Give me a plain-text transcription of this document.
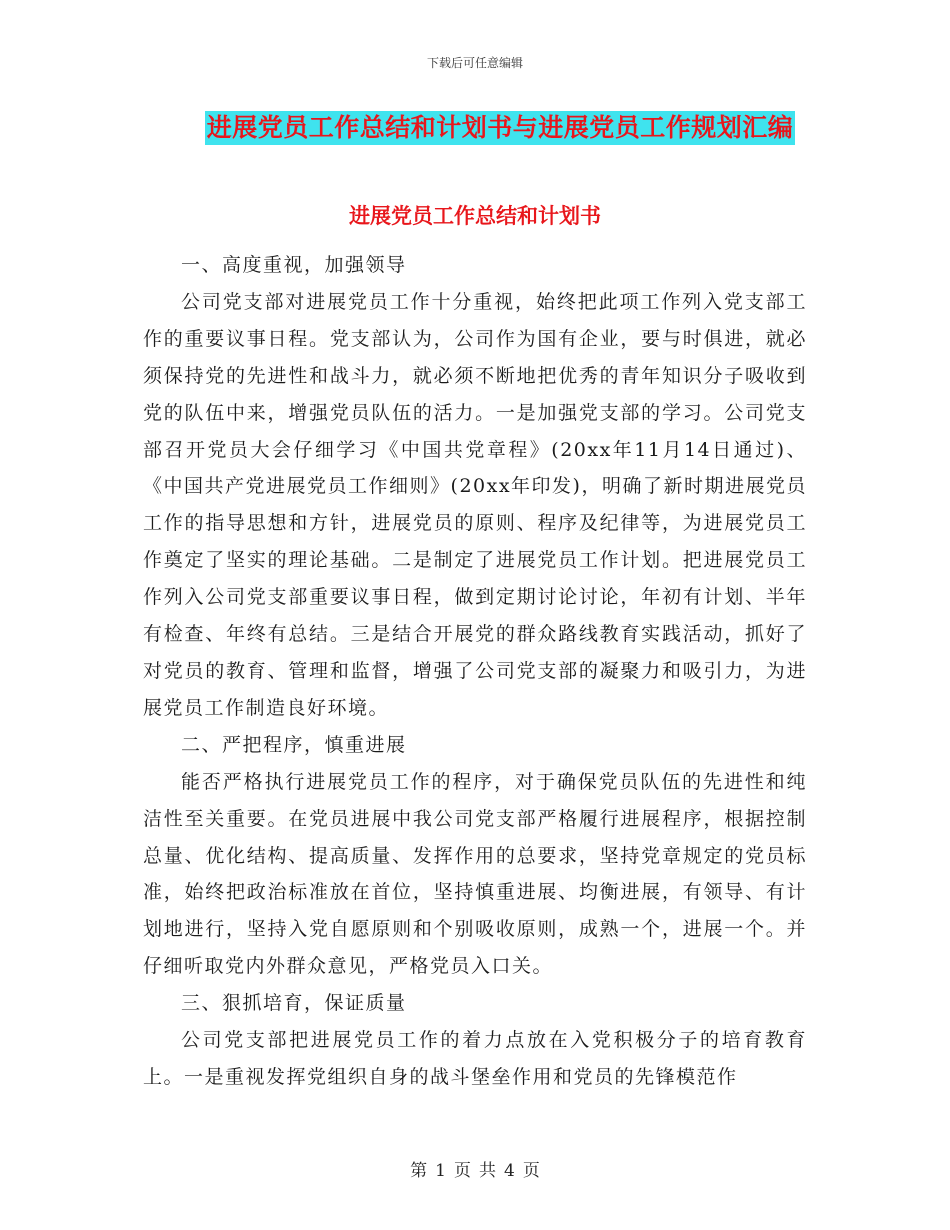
下载后可任意编辑
进展党员工作总结和计划书与进展党员工作规划汇编
进展党员工作总结和计划书

一、高度重视，加强领导

公司党支部对进展党员工作十分重视，始终把此项工作列入党支部工作的重要议事日程。党支部认为，公司作为国有企业，要与时俱进，就必须保持党的先进性和战斗力，就必须不断地把优秀的青年知识分子吸收到党的队伍中来，增强党员队伍的活力。一是加强党支部的学习。公司党支部召开党员大会仔细学习《中国共党章程》(20xx年11月14日通过)、《中国共产党进展党员工作细则》(20xx年印发)，明确了新时期进展党员工作的指导思想和方针，进展党员的原则、程序及纪律等，为进展党员工作奠定了坚实的理论基础。二是制定了进展党员工作计划。把进展党员工作列入公司党支部重要议事日程，做到定期讨论讨论，年初有计划、半年有检查、年终有总结。三是结合开展党的群众路线教育实践活动，抓好了对党员的教育、管理和监督，增强了公司党支部的凝聚力和吸引力，为进展党员工作制造良好环境。

二、严把程序，慎重进展

能否严格执行进展党员工作的程序，对于确保党员队伍的先进性和纯洁性至关重要。在党员进展中我公司党支部严格履行进展程序，根据控制总量、优化结构、提高质量、发挥作用的总要求，坚持党章规定的党员标准，始终把政治标准放在首位，坚持慎重进展、均衡进展，有领导、有计划地进行，坚持入党自愿原则和个别吸收原则，成熟一个，进展一个。并仔细听取党内外群众意见，严格党员入口关。

三、狠抓培育，保证质量

公司党支部把进展党员工作的着力点放在入党积极分子的培育教育上。一是重视发挥党组织自身的战斗堡垒作用和党员的先锋模范作

第 1 页 共 4 页
